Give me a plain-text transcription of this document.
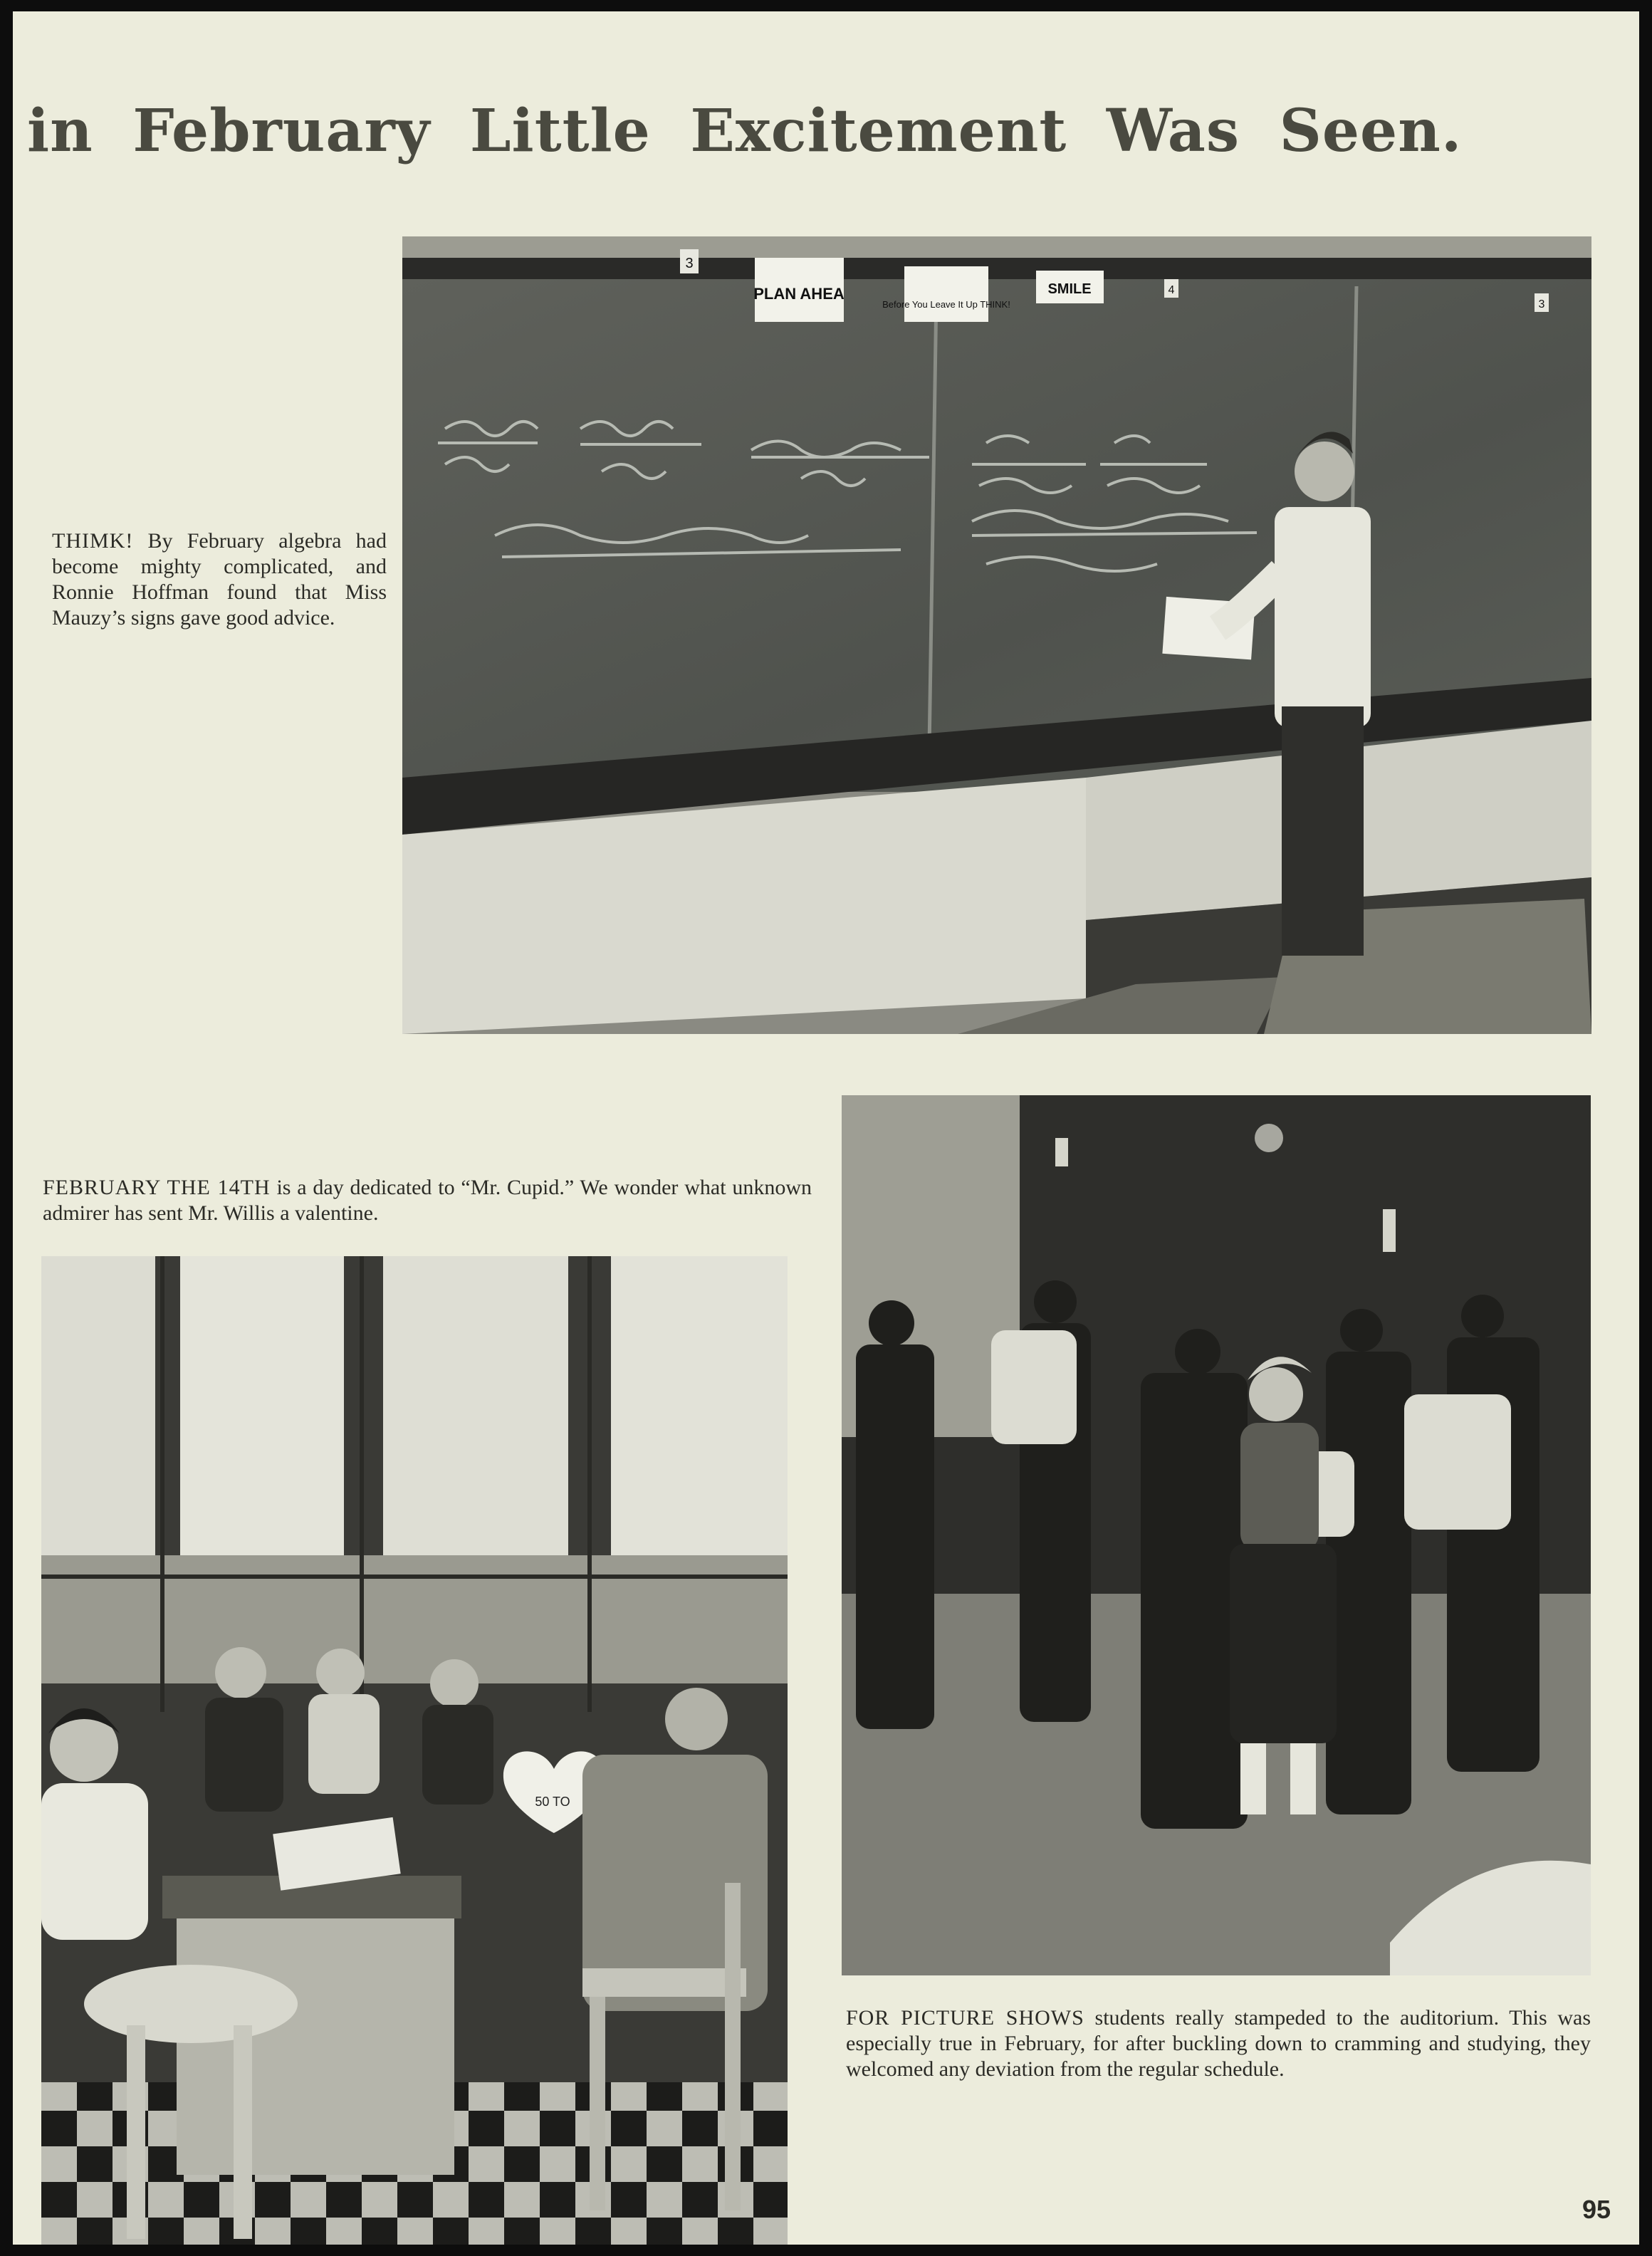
in February Little Excitement Was Seen.

THIMK! By February algebra had become mighty complicated, and Ronnie Hoffman found that Miss Mauzy’s signs gave good advice.

PLAN AHEA
Before You Leave It Up THINK!
SMILE
3
4
3

FEBRUARY THE 14TH is a day dedicated to “Mr. Cupid.” We wonder what unknown admirer has sent Mr. Willis a valentine.

50 TO

FOR PICTURE SHOWS students really stampeded to the auditorium. This was especially true in February, for after buckling down to cramming and studying, they welcomed any deviation from the regular schedule.

95
